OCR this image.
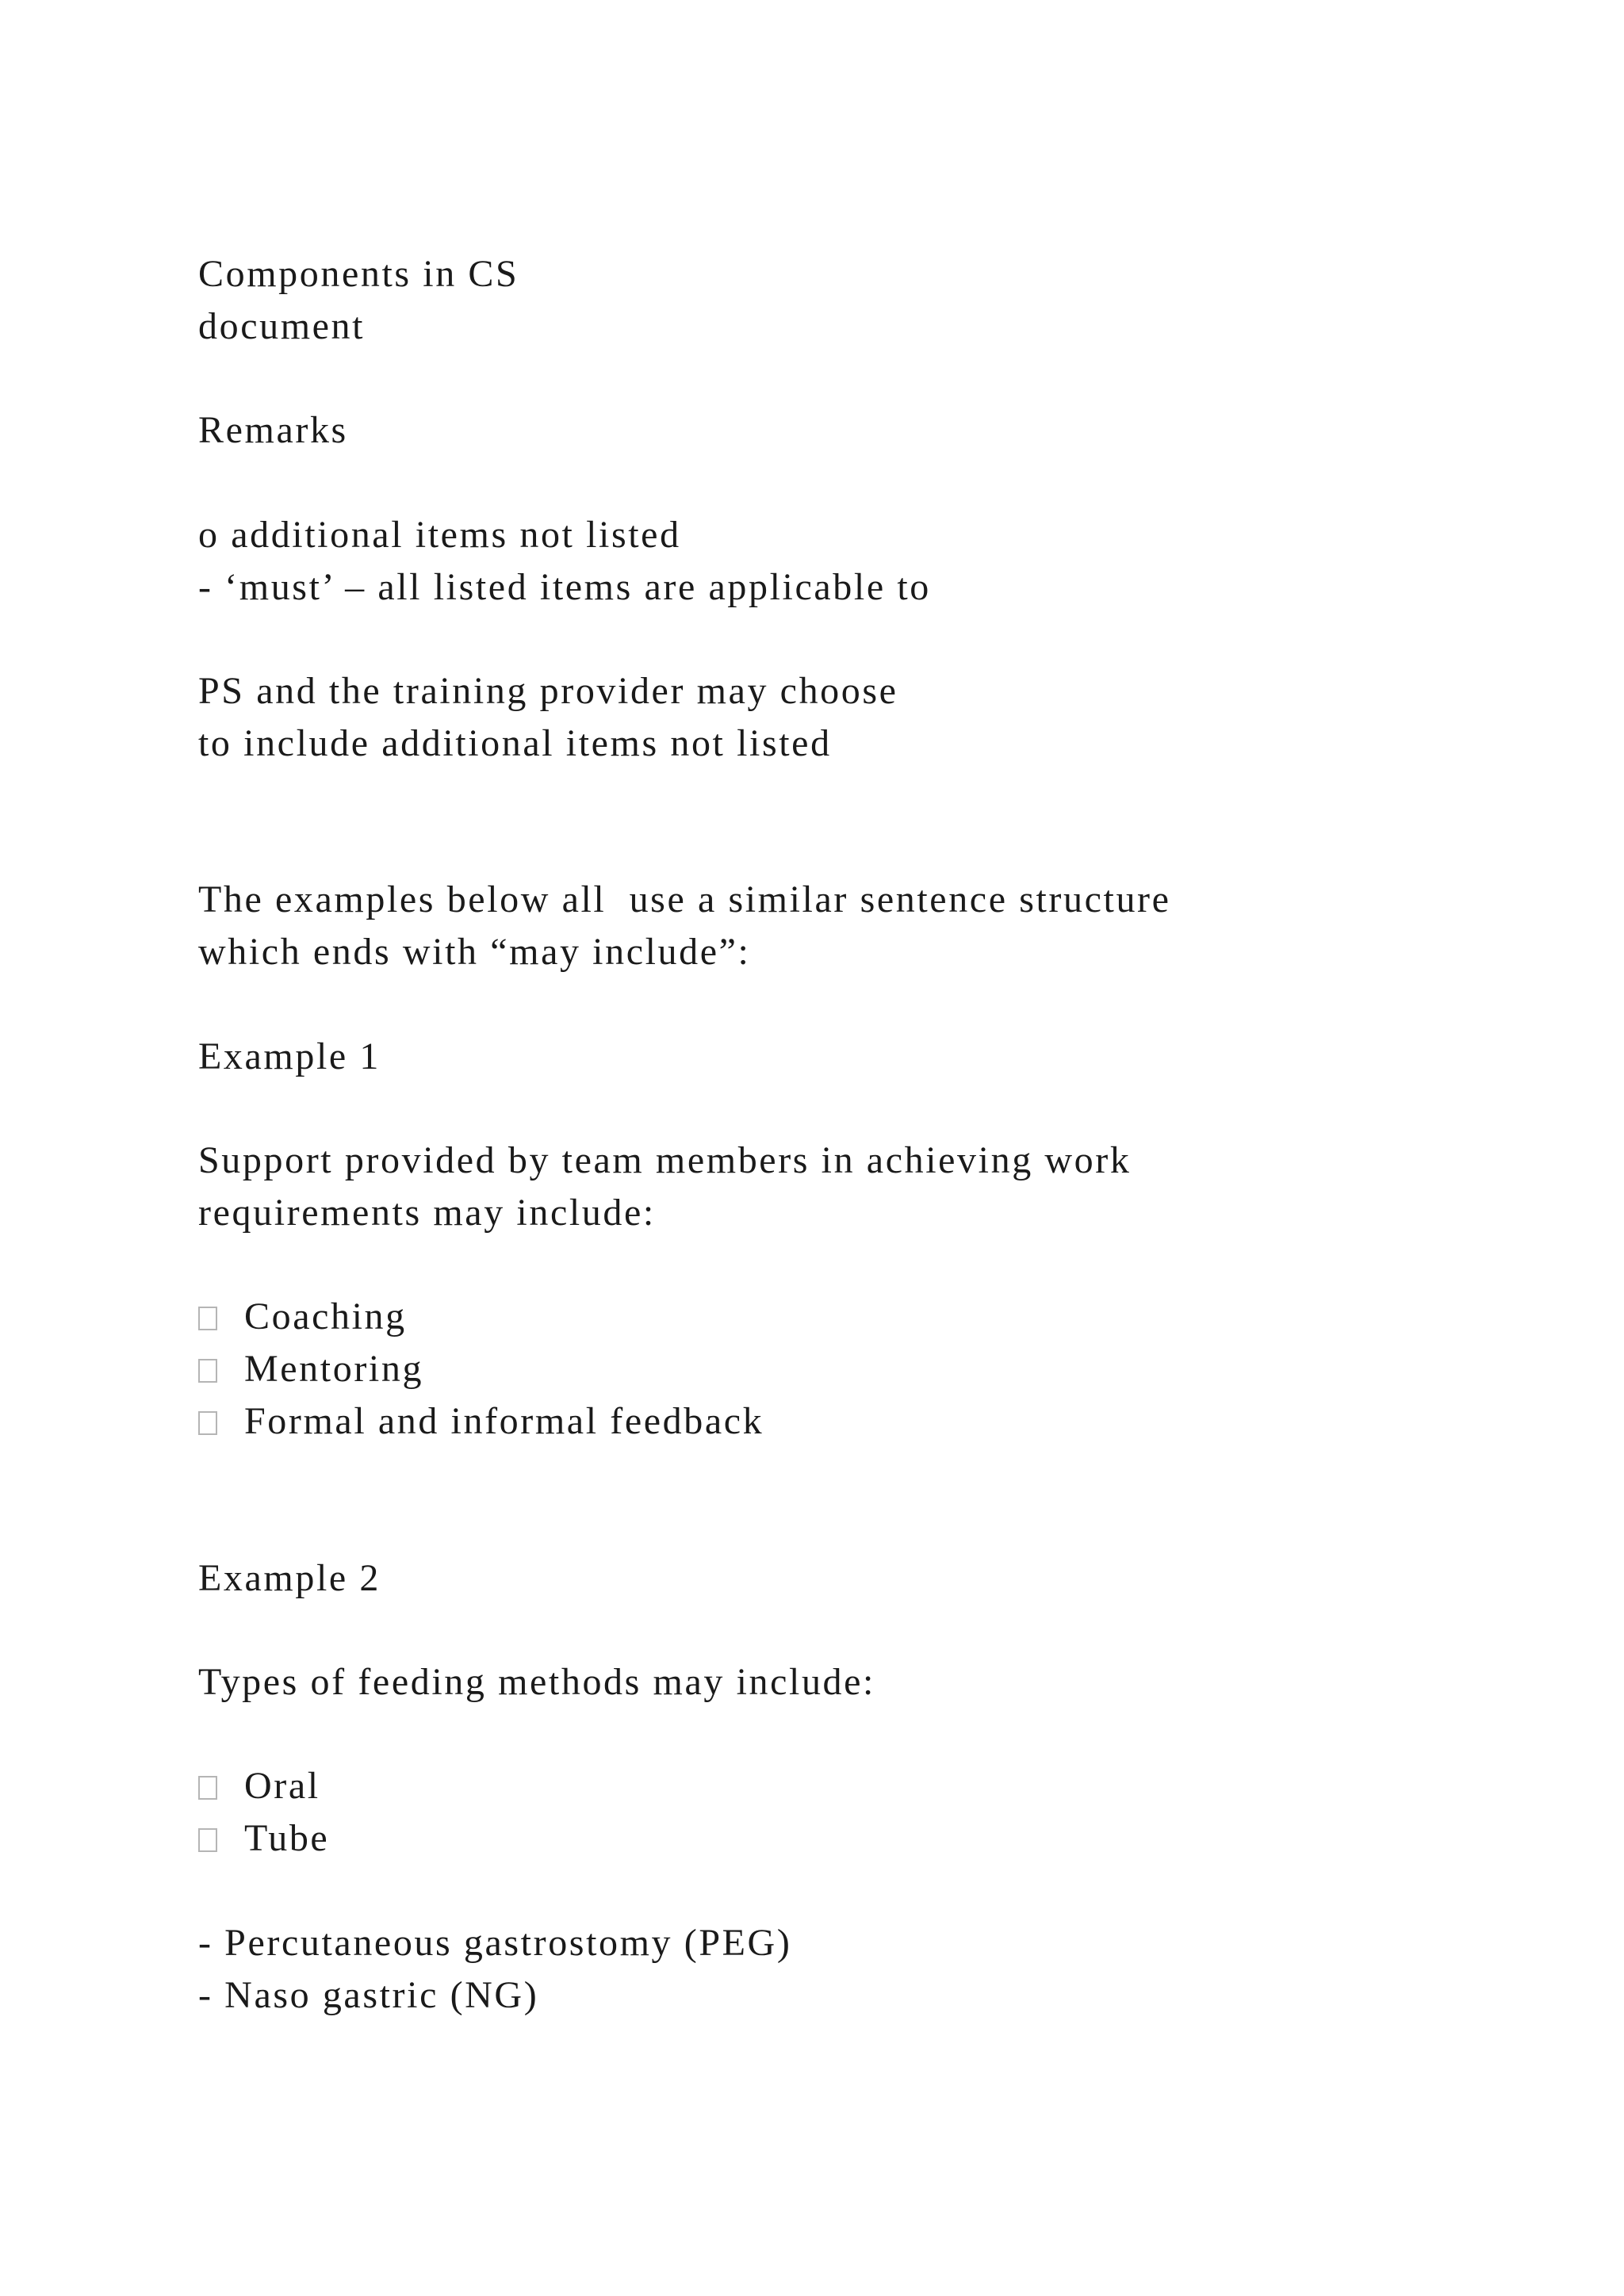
Components in CS

document

Remarks

o additional items not listed

- ‘must’ – all listed items are applicable to

PS and the training provider may choose

to include additional items not listed

The examples below all  use a similar sentence structure

which ends with “may include”:

Example 1

Support provided by team members in achieving work

requirements may include:

Coaching

Mentoring

Formal and informal feedback

Example 2

Types of feeding methods may include:

Oral

Tube

- Percutaneous gastrostomy (PEG)

- Naso gastric (NG)
